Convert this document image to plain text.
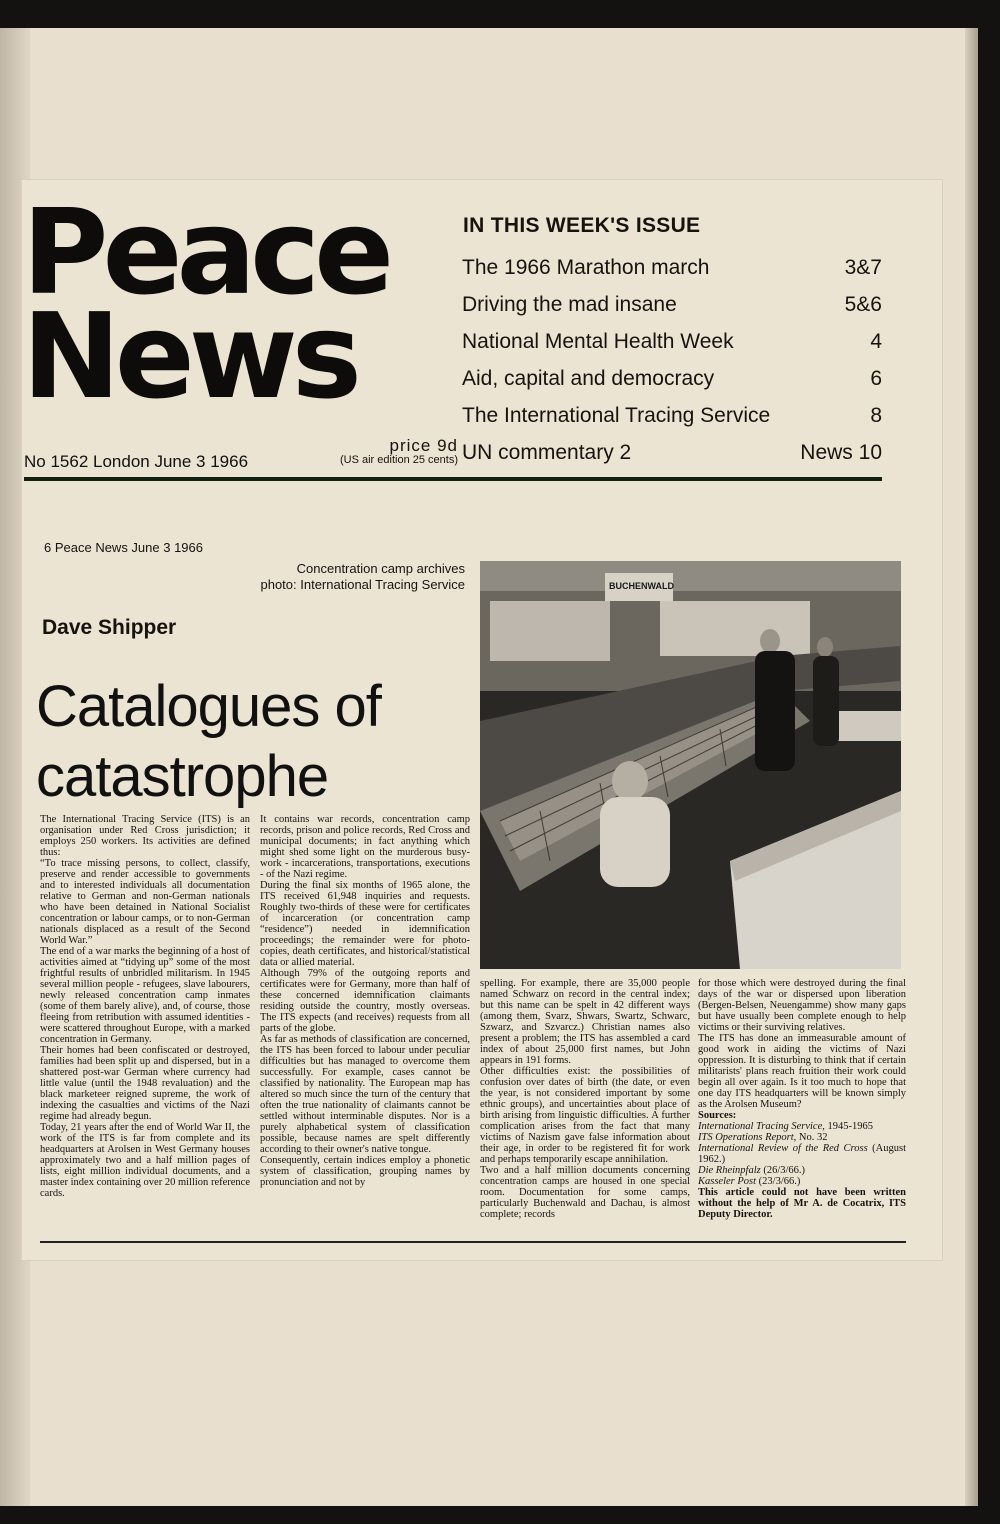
Peace
News
No 1562 London June 3 1966
price 9d
(US air edition 25 cents)
IN THIS WEEK'S ISSUE
The 1966 Marathon march	3&7
Driving the mad insane	5&6
National Mental Health Week	4
Aid, capital and democracy	6
The International Tracing Service	8
UN commentary 2	News 10
6 Peace News June 3 1966
Concentration camp archives
photo: International Tracing Service
Dave Shipper
Catalogues of
catastrophe
BUCHENWALD

The International Tracing Service (ITS) is an organisation under Red Cross jurisdiction; it employs 250 workers. Its activities are defined thus:

“To trace missing persons, to collect, classify, preserve and render accessible to governments and to interested individuals all documentation relative to German and non-German nationals who have been detained in National Socialist concentration or labour camps, or to non-German nationals displaced as a result of the Second World War.”

The end of a war marks the beginning of a host of activities aimed at “tidying up” some of the most frightful results of unbridled militarism. In 1945 several million people - refugees, slave labourers, newly released concentration camp inmates (some of them barely alive), and, of course, those fleeing from retribution with assumed identities - were scattered throughout Europe, with a marked concentration in Germany.

Their homes had been confiscated or destroyed, families had been split up and dispersed, but in a shattered post-war German where currency had little value (until the 1948 revaluation) and the black marketeer reigned supreme, the work of indexing the casualties and victims of the Nazi regime had already begun.

Today, 21 years after the end of World War II, the work of the ITS is far from complete and its headquarters at Arolsen in West Germany houses approximately two and a half million pages of lists, eight million individual documents, and a master index containing over 20 million reference cards.

It contains war records, concentration camp records, prison and police records, Red Cross and municipal documents; in fact anything which might shed some light on the murderous busy-work - incarcerations, transportations, executions - of the Nazi regime.

During the final six months of 1965 alone, the ITS received 61,948 inquiries and requests. Roughly two-thirds of these were for certificates of incarceration (or concentration camp “residence”) needed in idemnification proceedings; the remainder were for photo-copies, death certificates, and historical/statistical data or allied material.

Although 79% of the outgoing reports and certificates were for Germany, more than half of these concerned idemnification claimants residing outside the country, mostly overseas. The ITS expects (and receives) requests from all parts of the globe.

As far as methods of classification are concerned, the ITS has been forced to labour under peculiar difficulties but has managed to overcome them successfully. For example, cases cannot be classified by nationality. The European map has altered so much since the turn of the century that often the true nationality of claimants cannot be settled without interminable disputes. Nor is a purely alphabetical system of classification possible, because names are spelt differently according to their owner's native tongue.

Consequently, certain indices employ a phonetic system of classification, grouping names by pronunciation and not by

spelling. For example, there are 35,000 people named Schwarz on record in the central index; but this name can be spelt in 42 different ways (among them, Svarz, Shwars, Swartz, Schwarc, Szwarz, and Szvarcz.) Christian names also present a problem; the ITS has assembled a card index of about 25,000 first names, but John appears in 191 forms.

Other difficulties exist: the possibilities of confusion over dates of birth (the date, or even the year, is not considered important by some ethnic groups), and uncertainties about place of birth arising from linguistic difficulties. A further complication arises from the fact that many victims of Nazism gave false information about their age, in order to be registered fit for work and perhaps temporarily escape annihilation.

Two and a half million documents concerning concentration camps are housed in one special room. Documentation for some camps, particularly Buchenwald and Dachau, is almost complete; records

for those which were destroyed during the final days of the war or dispersed upon liberation (Bergen-Belsen, Neuengamme) show many gaps but have usually been complete enough to help victims or their surviving relatives.

The ITS has done an immeasurable amount of good work in aiding the victims of Nazi oppression. It is disturbing to think that if certain militarists' plans reach fruition their work could begin all over again. Is it too much to hope that one day ITS headquarters will be known simply as the Arolsen Museum?

Sources:

International Tracing Service, 1945-1965

ITS Operations Report, No. 32

International Review of the Red Cross (August 1962.)

Die Rheinpfalz (26/3/66.)

Kasseler Post (23/3/66.)

This article could not have been written without the help of Mr A. de Cocatrix, ITS Deputy Director.
